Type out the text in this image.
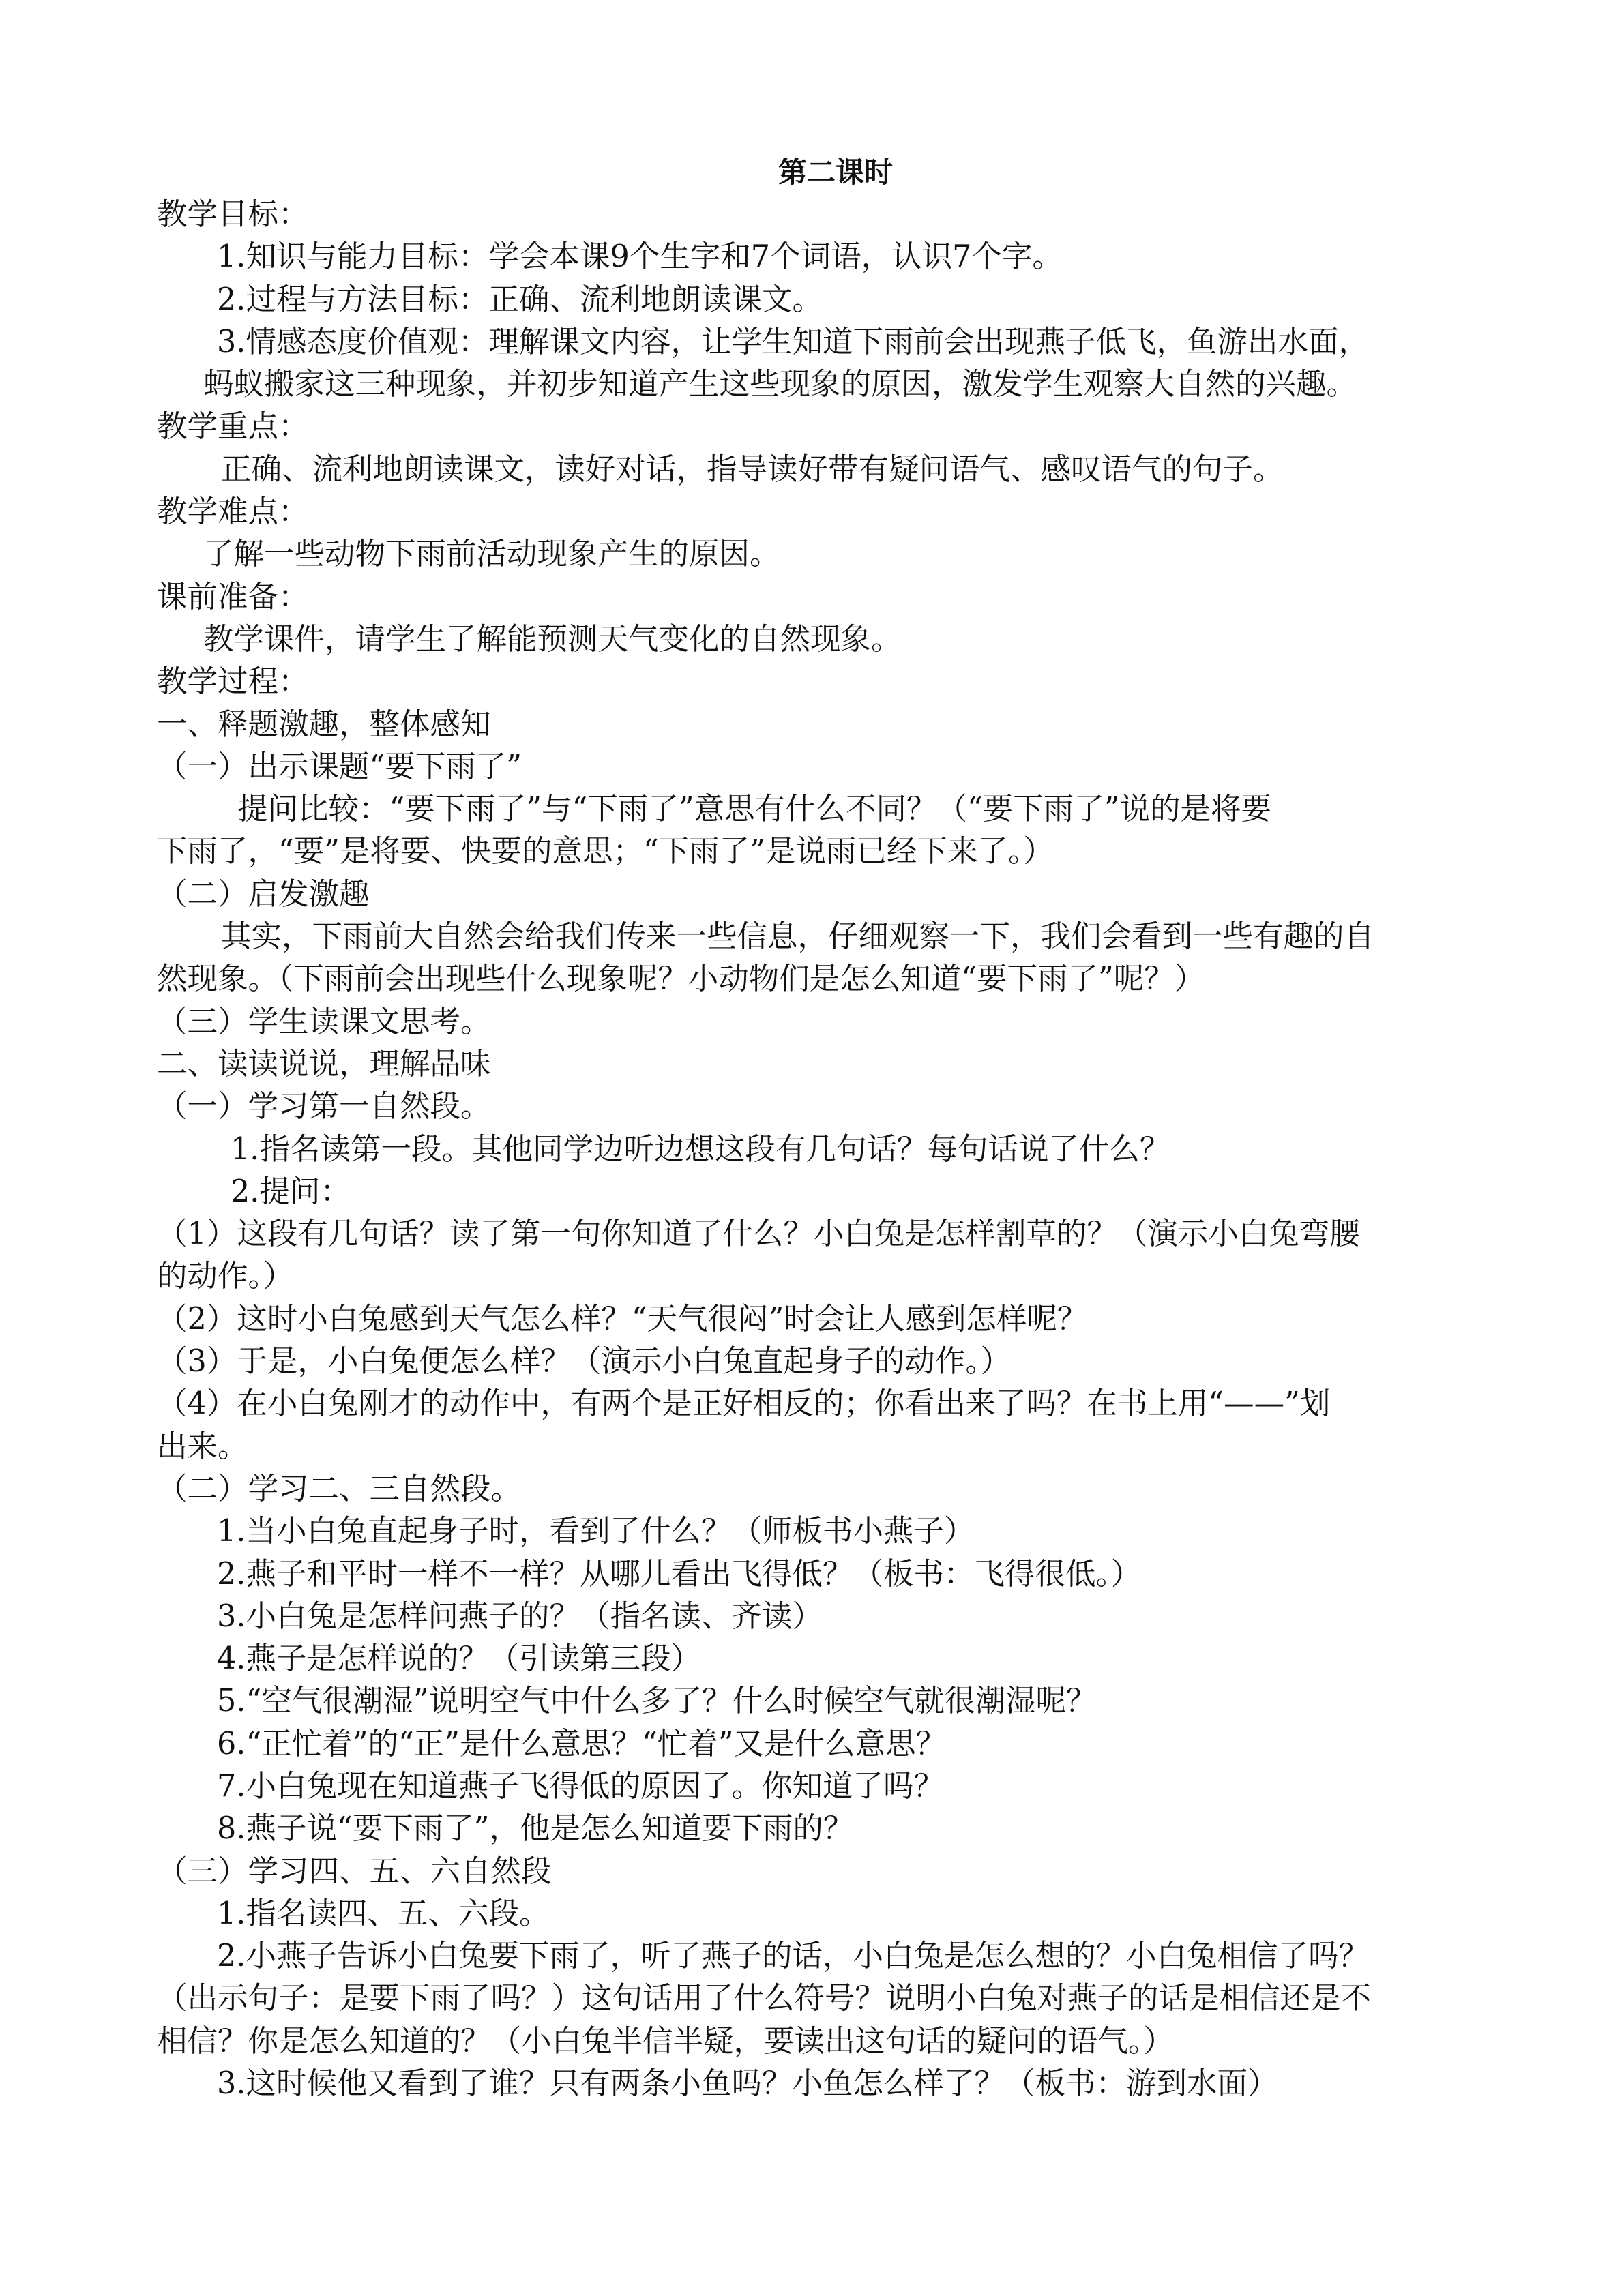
第二课时
教学目标：
1.知识与能力目标：学会本课9个生字和7个词语，认识7个字。
2.过程与方法目标：正确、流利地朗读课文。
3.情感态度价值观：理解课文内容，让学生知道下雨前会出现燕子低飞，鱼游出水面，
蚂蚁搬家这三种现象，并初步知道产生这些现象的原因，激发学生观察大自然的兴趣。
教学重点：
正确、流利地朗读课文，读好对话，指导读好带有疑问语气、感叹语气的句子。
教学难点：
了解一些动物下雨前活动现象产生的原因。
课前准备：
教学课件，请学生了解能预测天气变化的自然现象。
教学过程：
一、释题激趣，整体感知
（一）出示课题“要下雨了”
提问比较：“要下雨了”与“下雨了”意思有什么不同？（“要下雨了”说的是将要
下雨了，“要”是将要、快要的意思；“下雨了”是说雨已经下来了。）
（二）启发激趣
其实，下雨前大自然会给我们传来一些信息，仔细观察一下，我们会看到一些有趣的自
然现象。（下雨前会出现些什么现象呢？小动物们是怎么知道“要下雨了”呢？）
（三）学生读课文思考。
二、读读说说，理解品味
（一）学习第一自然段。
1.指名读第一段。其他同学边听边想这段有几句话？每句话说了什么？
2.提问：
（1）这段有几句话？读了第一句你知道了什么？小白兔是怎样割草的？（演示小白兔弯腰
的动作。）
（2）这时小白兔感到天气怎么样？“天气很闷”时会让人感到怎样呢？
（3）于是，小白兔便怎么样？（演示小白兔直起身子的动作。）
（4）在小白兔刚才的动作中，有两个是正好相反的；你看出来了吗？在书上用“——”划
出来。
（二）学习二、三自然段。
1.当小白兔直起身子时，看到了什么？（师板书小燕子）
2.燕子和平时一样不一样？从哪儿看出飞得低？（板书：飞得很低。）
3.小白兔是怎样问燕子的？（指名读、齐读）
4.燕子是怎样说的？（引读第三段）
5.“空气很潮湿”说明空气中什么多了？什么时候空气就很潮湿呢？
6.“正忙着”的“正”是什么意思？“忙着”又是什么意思？
7.小白兔现在知道燕子飞得低的原因了。你知道了吗？
8.燕子说“要下雨了”，他是怎么知道要下雨的？
（三）学习四、五、六自然段
1.指名读四、五、六段。
2.小燕子告诉小白兔要下雨了，听了燕子的话，小白兔是怎么想的？小白兔相信了吗？
（出示句子：是要下雨了吗？）这句话用了什么符号？说明小白兔对燕子的话是相信还是不
相信？你是怎么知道的？（小白兔半信半疑，要读出这句话的疑问的语气。）
3.这时候他又看到了谁？只有两条小鱼吗？小鱼怎么样了？（板书：游到水面）
